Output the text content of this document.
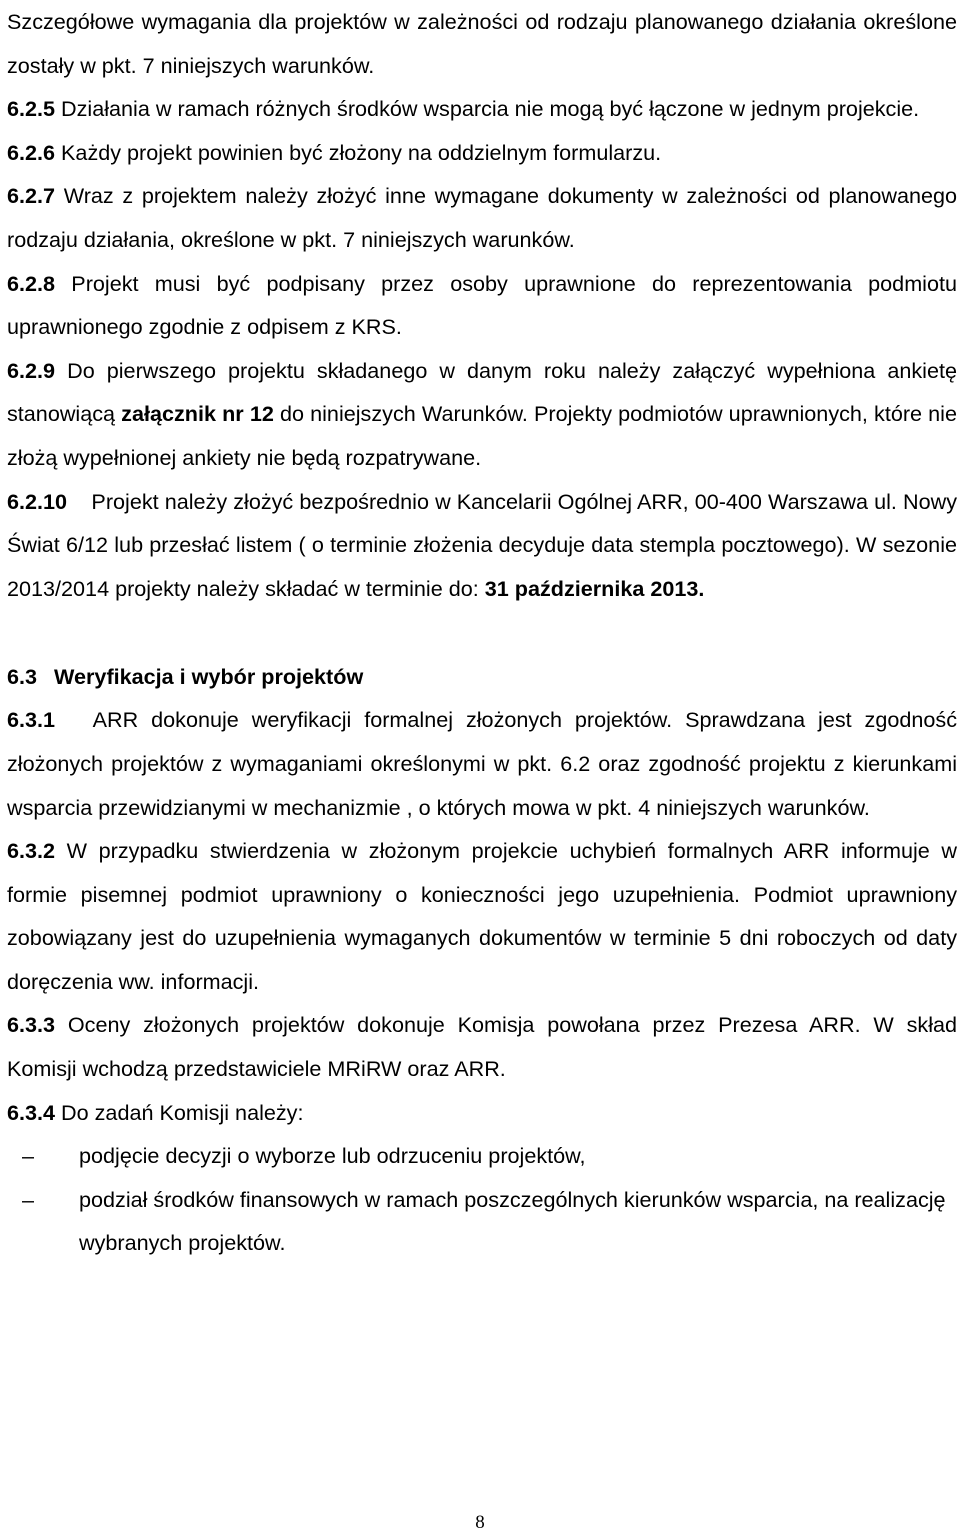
Szczegółowe wymagania dla projektów w zależności od rodzaju planowanego działania określone zostały w pkt. 7 niniejszych warunków.

6.2.5 Działania w ramach różnych środków wsparcia nie mogą być łączone w jednym projekcie.

6.2.6 Każdy projekt powinien być złożony na oddzielnym formularzu.

6.2.7 Wraz z projektem należy złożyć inne wymagane dokumenty w zależności od planowanego rodzaju działania, określone w pkt. 7 niniejszych warunków.

6.2.8 Projekt musi być podpisany przez osoby uprawnione do reprezentowania podmiotu uprawnionego zgodnie z odpisem z KRS.

6.2.9 Do pierwszego projektu składanego w danym roku należy załączyć wypełniona ankietę stanowiącą załącznik nr 12 do niniejszych Warunków. Projekty podmiotów uprawnionych, które nie złożą wypełnionej ankiety nie będą rozpatrywane.

6.2.10 Projekt należy złożyć bezpośrednio w Kancelarii Ogólnej ARR, 00-400 Warszawa ul. Nowy Świat 6/12 lub przesłać listem ( o terminie złożenia decyduje data stempla pocztowego). W sezonie 2013/2014 projekty należy składać w terminie do: 31 października 2013.

6.3 Weryfikacja i wybór projektów

6.3.1 ARR dokonuje weryfikacji formalnej złożonych projektów. Sprawdzana jest zgodność złożonych projektów z wymaganiami określonymi w pkt. 6.2 oraz zgodność projektu z kierunkami wsparcia przewidzianymi w mechanizmie , o których mowa w pkt. 4 niniejszych warunków.

6.3.2 W przypadku stwierdzenia w złożonym projekcie uchybień formalnych ARR informuje w formie pisemnej podmiot uprawniony o konieczności jego uzupełnienia. Podmiot uprawniony zobowiązany jest do uzupełnienia wymaganych dokumentów w terminie 5 dni roboczych od daty doręczenia ww. informacji.

6.3.3 Oceny złożonych projektów dokonuje Komisja powołana przez Prezesa ARR. W skład Komisji wchodzą przedstawiciele MRiRW oraz ARR.

6.3.4 Do zadań Komisji należy:

– podjęcie decyzji o wyborze lub odrzuceniu projektów,
– podział środków finansowych w ramach poszczególnych kierunków wsparcia, na realizację wybranych projektów.
8
